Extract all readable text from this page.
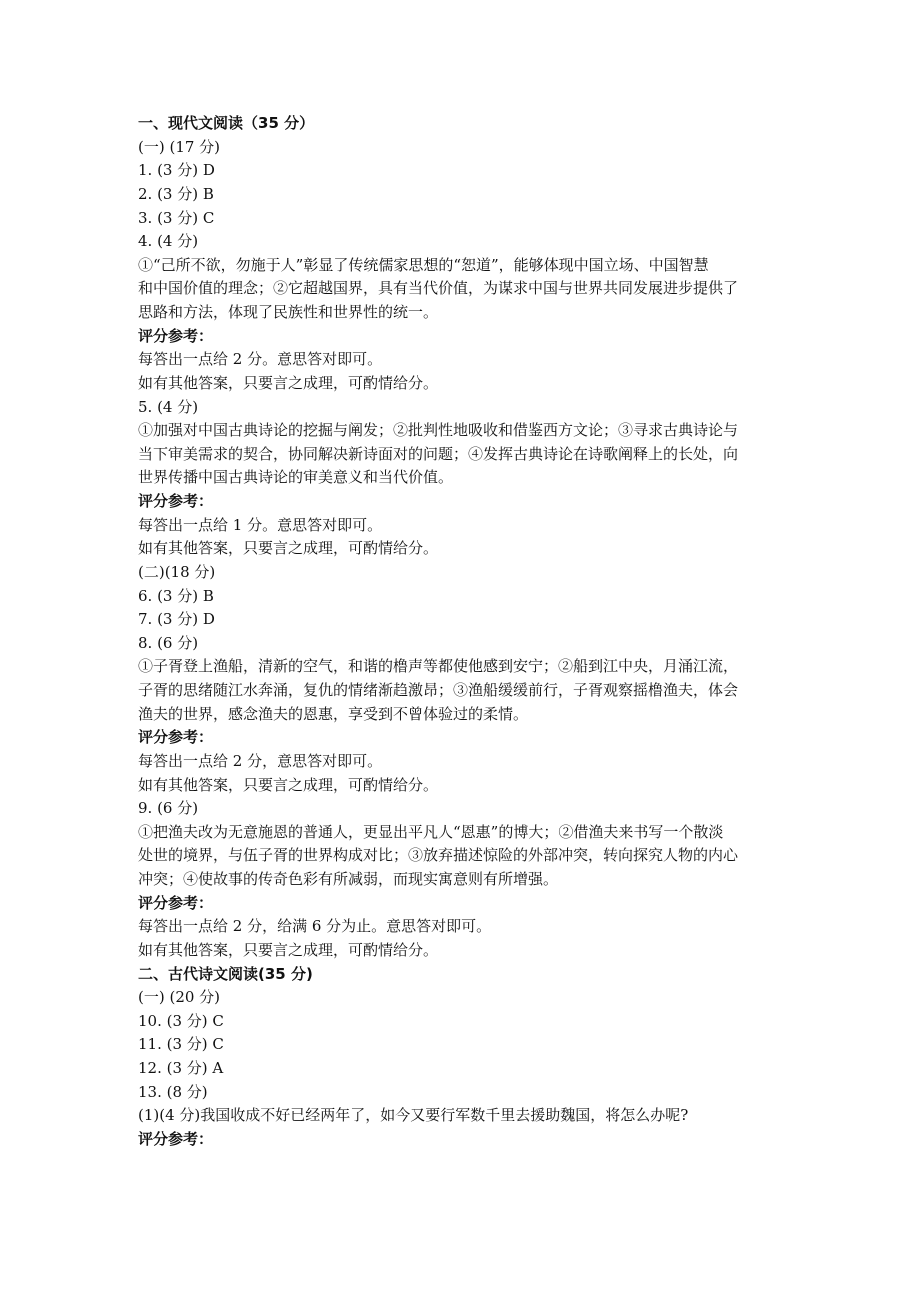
一、现代文阅读（35 分）
(一) (17 分)
1. (3 分) D
2. (3 分) B
3. (3 分) C
4. (4 分)
①“己所不欲，勿施于人”彰显了传统儒家思想的“恕道”，能够体现中国立场、中国智慧
和中国价值的理念；②它超越国界，具有当代价值，为谋求中国与世界共同发展进步提供了
思路和方法，体现了民族性和世界性的统一。
评分参考：
每答出一点给 2 分。意思答对即可。
如有其他答案，只要言之成理，可酌情给分。
5. (4 分)
①加强对中国古典诗论的挖掘与阐发；②批判性地吸收和借鉴西方文论；③寻求古典诗论与
当下审美需求的契合，协同解决新诗面对的问题；④发挥古典诗论在诗歌阐释上的长处，向
世界传播中国古典诗论的审美意义和当代价值。
评分参考：
每答出一点给 1 分。意思答对即可。
如有其他答案，只要言之成理，可酌情给分。
(二)(18 分)
6. (3 分) B
7. (3 分) D
8. (6 分)
①子胥登上渔船，清新的空气，和谐的橹声等都使他感到安宁；②船到江中央，月涌江流，
子胥的思绪随江水奔涌，复仇的情绪渐趋激昂；③渔船缓缓前行，子胥观察摇橹渔夫，体会
渔夫的世界，感念渔夫的恩惠，享受到不曾体验过的柔情。
评分参考：
每答出一点给 2 分，意思答对即可。
如有其他答案，只要言之成理，可酌情给分。
9. (6 分)
①把渔夫改为无意施恩的普通人，更显出平凡人“恩惠”的博大；②借渔夫来书写一个散淡
处世的境界，与伍子胥的世界构成对比；③放弃描述惊险的外部冲突，转向探究人物的内心
冲突；④使故事的传奇色彩有所减弱，而现实寓意则有所增强。
评分参考：
每答出一点给 2 分，给满 6 分为止。意思答对即可。
如有其他答案，只要言之成理，可酌情给分。
二、古代诗文阅读(35 分)
(一) (20 分)
10. (3 分) C
11. (3 分) C
12. (3 分) A
13. (8 分)
(1)(4 分)我国收成不好已经两年了，如今又要行军数千里去援助魏国，将怎么办呢?
评分参考：
